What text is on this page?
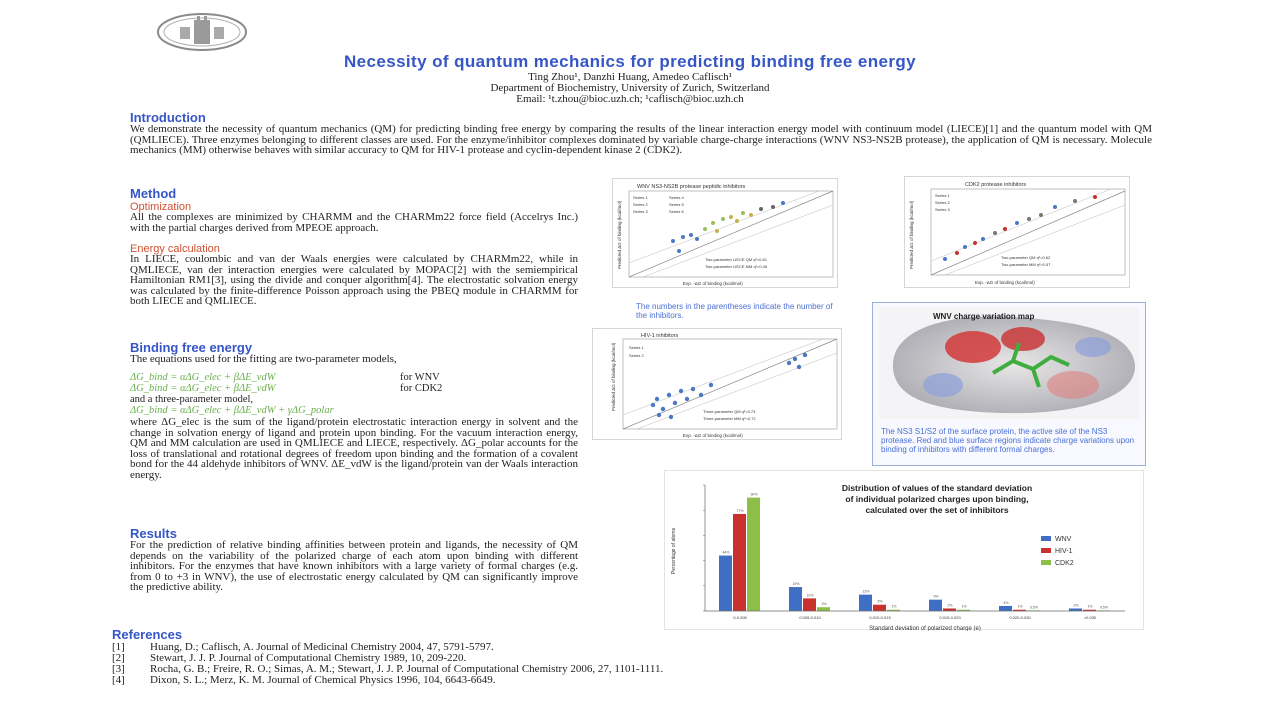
Necessity of quantum mechanics for predicting binding free energy
Ting Zhou¹, Danzhi Huang, Amedeo Caflisch¹
Department of Biochemistry, University of Zurich, Switzerland
Email: ¹t.zhou@bioc.uzh.ch; ¹caflisch@bioc.uzh.ch
Introduction
We demonstrate the necessity of quantum mechanics (QM) for predicting binding free energy by comparing the results of the linear interaction energy model with continuum model (LIECE)[1] and the quantum model with QM (QMLIECE). Three enzymes belonging to different classes are used. For the enzyme/inhibitor complexes dominated by variable charge-charge interactions (WNV NS3-NS2B protease), the application of QM is necessary. Molecule mechanics (MM) otherwise behaves with similar accuracy to QM for HIV-1 protease and cyclin-dependent kinase 2 (CDK2).
Method
Optimization
All the complexes are minimized by CHARMM and the CHARMm22 force field (Accelrys Inc.) with the partial charges derived from MPEOE approach.
Energy calculation
In LIECE, coulombic and van der Waals energies were calculated by CHARMm22, while in QMLIECE, van der interaction energies were calculated by MOPAC[2] with the semiempirical Hamiltonian RM1[3], using the divide and conquer algorithm[4]. The electrostatic solvation energy was calculated by the finite-difference Poisson approach using the PBEQ module in CHARMM for both LIECE and QMLIECE.
Binding free energy
The equations used for the fitting are two-parameter models,
ΔG_bind = αΔG_elec + βΔE_vdW	for WNV
ΔG_bind = αΔG_elec + βΔE_vdW	for CDK2
and a three-parameter model,
ΔG_bind = αΔG_elec + βΔE_vdW + γΔG_polar
where ΔG_elec is the sum of the ligand/protein electrostatic interaction energy in solvent and the change in solvation energy of ligand and protein upon binding. For the vacuum interaction energy, QM and MM calculation are used in QMLIECE and LIECE, respectively. ΔG_polar accounts for the loss of translational and rotational degrees of freedom upon binding and the formation of a covalent bond for the 44 aldehyde inhibitors of WNV. ΔE_vdW is the ligand/protein van der Waals interaction energy.
Results
For the prediction of relative binding affinities between protein and ligands, the necessity of QM depends on the variability of the polarized charge of each atom upon binding with different inhibitors. For the enzymes that have known inhibitors with a large variety of formal charges (e.g. from 0 to +3 in WNV), the use of electrostatic energy calculated by QM can significantly improve the predictive ability.
WNV NS3-NS2B protease peptidic inhibitors
Predicted ΔG of binding (kcal/mol)
Series 1
Series 2
Series 3
Series 4
Series 5
Series 6
Two-parameter LIECE QM q²=0.61
Two-parameter LIECE MM q²=0.45
Exp. -ΔG of binding (kcal/mol)
The numbers in the parentheses indicate the number of the inhibitors.
CDK2 protease inhibitors
Predicted ΔG of binding (kcal/mol)
Series 1
Series 2
Series 3
Two-parameter QM q²=0.62
Two-parameter MM q²=0.57
Exp. -ΔG of binding (kcal/mol)
HIV-1 inhibitors
Predicted ΔG of binding (kcal/mol)	Series 1
Series 2
Three-parameter QM q²=0.73
Three-parameter MM q²=0.72
Exp. -ΔG of binding (kcal/mol)
WNV charge variation map
The NS3 S1/S2 of the surface protein, the active site of the NS3 protease. Red and blue surface regions indicate charge variations upon binding of inhibitors with different formal charges.
Distribution of values of the standard deviation
of individual polarized charges upon binding,
calculated over the set of inhibitors
Percentage of atoms
Standard deviation of polarized charge (e)
44%
77%
90%
19%
10%
3%
13%
5%
1%
9%
2%	1%
4%
1% 0.5%	2%	1% 0.5%
0-0.005	0.005-0.010	0.010-0.015	0.015-0.020	0.020-0.030	>0.030
WNV
HIV-1
CDK2
References
[1] Huang, D.; Caflisch, A. Journal of Medicinal Chemistry 2004, 47, 5791-5797.
[2] Stewart, J. J. P. Journal of Computational Chemistry 1989, 10, 209-220.
[3] Rocha, G. B.; Freire, R. O.; Simas, A. M.; Stewart, J. J. P. Journal of Computational Chemistry 2006, 27, 1101-1111.
[4] Dixon, S. L.; Merz, K. M. Journal of Chemical Physics 1996, 104, 6643-6649.
